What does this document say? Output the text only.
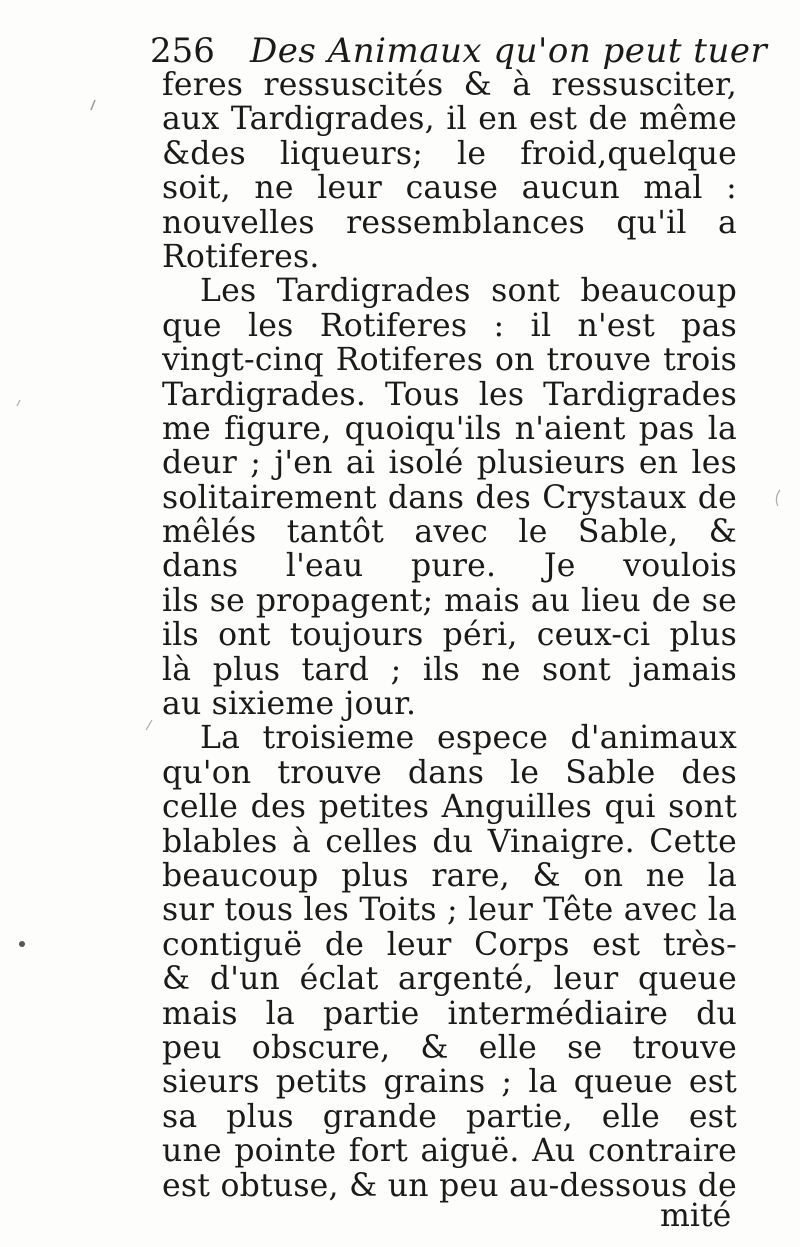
256 Des Animaux qu'on peut tuer
feres ressuscités & à ressusciter,
aux Tardigrades, il en est de même
&des liqueurs; le froid,quelque
soit, ne leur cause aucun mal :
nouvelles ressemblances qu'il a
Rotiferes.
Les Tardigrades sont beaucoup
que les Rotiferes : il n'est pas
vingt-cinq Rotiferes on trouve trois
Tardigrades. Tous les Tardigrades
me figure, quoiqu'ils n'aient pas la
deur ; j'en ai isolé plusieurs en les
solitairement dans des Crystaux de
mêlés tantôt avec le Sable, &
dans l'eau pure. Je voulois
ils se propagent; mais au lieu de se
ils ont toujours péri, ceux-ci plus
là plus tard ; ils ne sont jamais
au sixieme jour.
La troisieme espece d'animaux
qu'on trouve dans le Sable des
celle des petites Anguilles qui sont
blables à celles du Vinaigre. Cette
beaucoup plus rare, & on ne la
sur tous les Toits ; leur Tête avec la
contiguë de leur Corps est très-
& d'un éclat argenté, leur queue
mais la partie intermédiaire du
peu obscure, & elle se trouve
sieurs petits grains ; la queue est
sa plus grande partie, elle est
une pointe fort aiguë. Au contraire
est obtuse, & un peu au-dessous de
mité
